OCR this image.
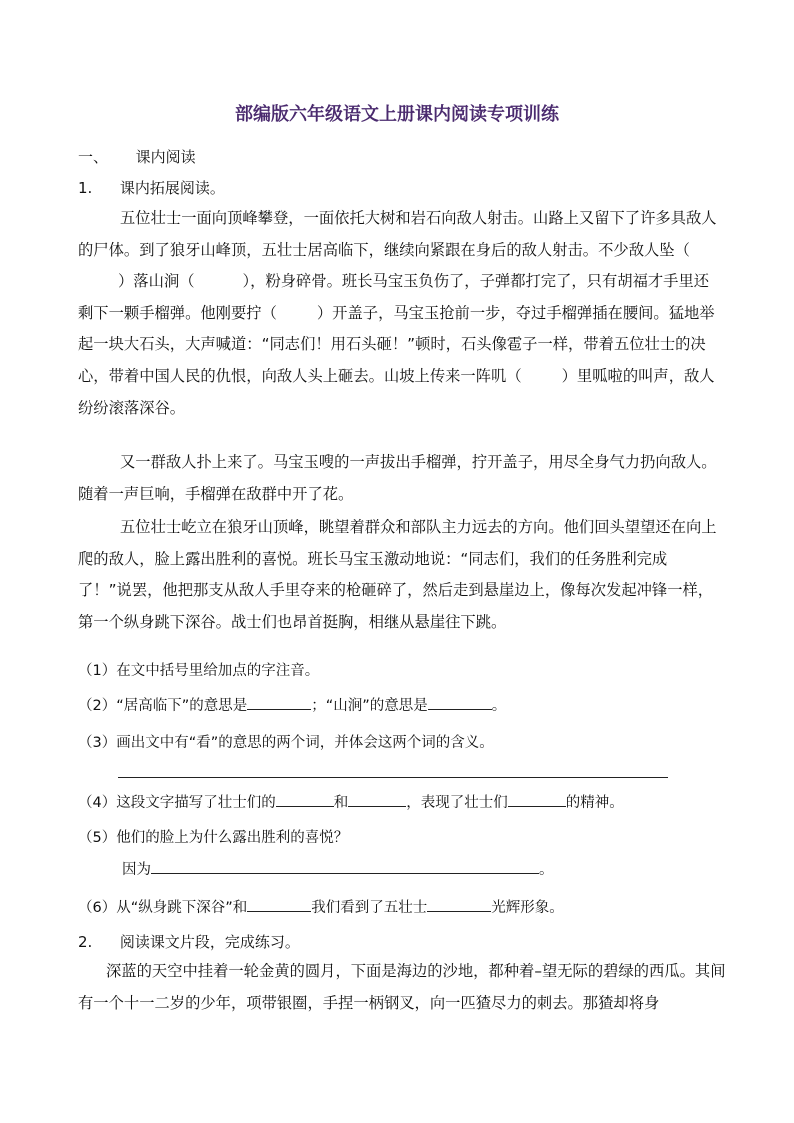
部编版六年级语文上册课内阅读专项训练
一、 课内阅读
1. 课内拓展阅读。
五位壮士一面向顶峰攀登，一面依托大树和岩石向敌人射击。山路上又留下了许多具敌人的尸体。到了狼牙山峰顶，五壮士居高临下，继续向紧跟在身后的敌人射击。不少敌人坠（）落山涧（	），粉身碎骨。班长马宝玉负伤了，子弹都打完了，只有胡福才手里还剩下一颗手榴弹。他刚要拧（	）开盖子，马宝玉抢前一步，夺过手榴弹插在腰间。猛地举起一块大石头，大声喊道：“同志们！用石头砸！”顿时，石头像雹子一样，带着五位壮士的决心，带着中国人民的仇恨，向敌人头上砸去。山坡上传来一阵叽（	）里呱啦的叫声，敌人纷纷滚落深谷。
又一群敌人扑上来了。马宝玉嗖的一声拔出手榴弹，拧开盖子，用尽全身气力扔向敌人。随着一声巨响，手榴弹在敌群中开了花。
五位壮士屹立在狼牙山顶峰，眺望着群众和部队主力远去的方向。他们回头望望还在向上爬的敌人，脸上露出胜利的喜悦。班长马宝玉激动地说：“同志们，我们的任务胜利完成了！”说罢，他把那支从敌人手里夺来的枪砸碎了，然后走到悬崖边上，像每次发起冲锋一样，第一个纵身跳下深谷。战士们也昂首挺胸，相继从悬崖往下跳。
（1）在文中括号里给加点的字注音。
（2）“居高临下”的意思是	；“山涧”的意思是	。
（3）画出文中有“看”的意思的两个词，并体会这两个词的含义。
（4）这段文字描写了壮士们的	和	，表现了壮士们	的精神。
（5）他们的脸上为什么露出胜利的喜悦？
因为	。
（6）从“纵身跳下深谷”和	我们看到了五壮士	光辉形象。
2. 阅读课文片段，完成练习。
深蓝的天空中挂着一轮金黄的圆月，下面是海边的沙地，都种着–望无际的碧绿的西瓜。其间有一个十一二岁的少年，项带银圈，手捏一柄钢叉，向一匹猹尽力的刺去。那猹却将身
